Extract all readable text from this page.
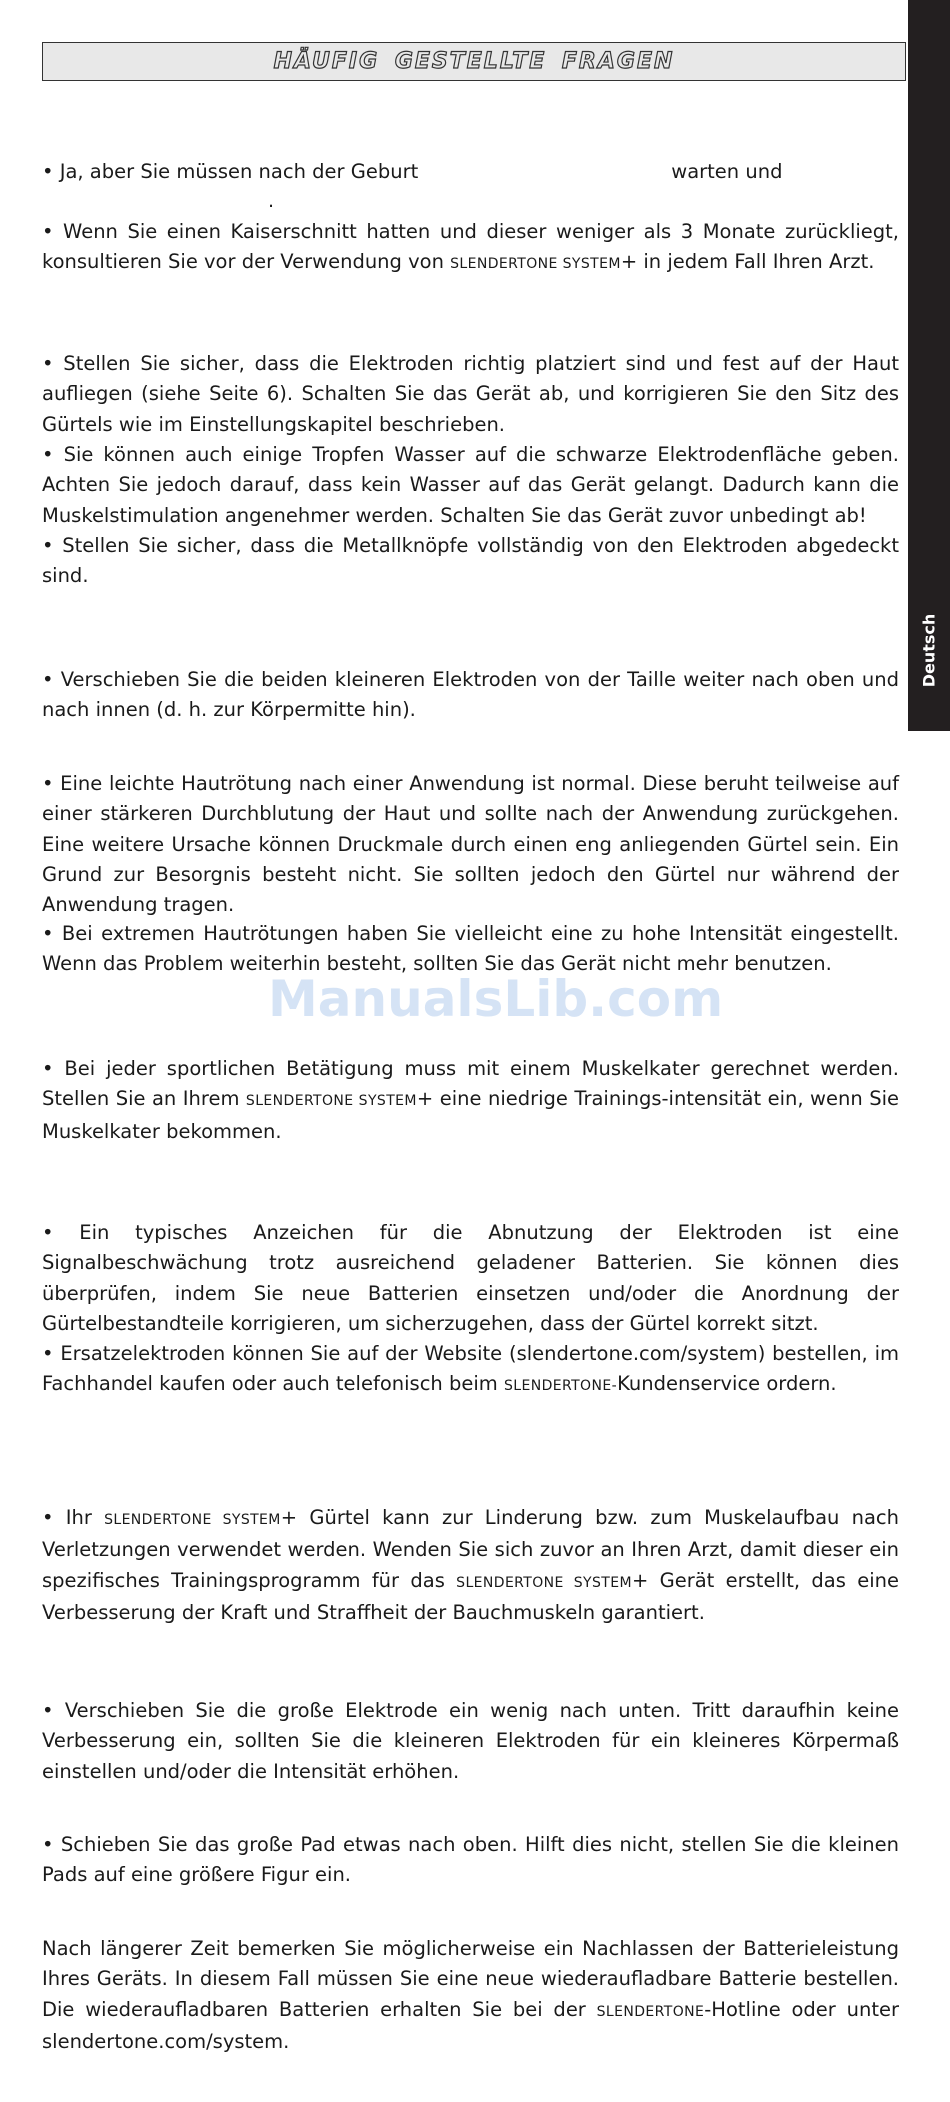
HÄUFIG GESTELLTE FRAGEN
Deutsch
ManualsLib.com

• Ja, aber Sie müssen nach der Geburt	warten und

.

• Wenn Sie einen Kaiserschnitt hatten und dieser weniger als 3 Monate zurückliegt, konsultieren Sie vor der Verwendung von SLENDERTONE SYSTEM+ in jedem Fall Ihren Arzt.

• Stellen Sie sicher, dass die Elektroden richtig platziert sind und fest auf der Haut aufliegen (siehe Seite 6). Schalten Sie das Gerät ab, und korrigieren Sie den Sitz des Gürtels wie im Einstellungskapitel beschrieben.

• Sie können auch einige Tropfen Wasser auf die schwarze Elektrodenfläche geben. Achten Sie jedoch darauf, dass kein Wasser auf das Gerät gelangt. Dadurch kann die Muskelstimulation angenehmer werden. Schalten Sie das Gerät zuvor unbedingt ab!

• Stellen Sie sicher, dass die Metallknöpfe vollständig von den Elektroden abgedeckt sind.

• Verschieben Sie die beiden kleineren Elektroden von der Taille weiter nach oben und nach innen (d. h. zur Körpermitte hin).

• Eine leichte Hautrötung nach einer Anwendung ist normal. Diese beruht teilweise auf einer stärkeren Durchblutung der Haut und sollte nach der Anwendung zurückgehen. Eine weitere Ursache können Druckmale durch einen eng anliegenden Gürtel sein. Ein Grund zur Besorgnis besteht nicht. Sie sollten jedoch den Gürtel nur während der Anwendung tragen.

• Bei extremen Hautrötungen haben Sie vielleicht eine zu hohe Intensität eingestellt. Wenn das Problem weiterhin besteht, sollten Sie das Gerät nicht mehr benutzen.

• Bei jeder sportlichen Betätigung muss mit einem Muskelkater gerechnet werden. Stellen Sie an Ihrem SLENDERTONE SYSTEM+ eine niedrige Trainings-intensität ein, wenn Sie Muskelkater bekommen.

• Ein typisches Anzeichen für die Abnutzung der Elektroden ist eine Signalbeschwächung trotz ausreichend geladener Batterien. Sie können dies überprüfen, indem Sie neue Batterien einsetzen und/oder die Anordnung der Gürtelbestandteile korrigieren, um sicherzugehen, dass der Gürtel korrekt sitzt.

• Ersatzelektroden können Sie auf der Website (slendertone.com/system) bestellen, im Fachhandel kaufen oder auch telefonisch beim SLENDERTONE-Kundenservice ordern.

• Ihr SLENDERTONE SYSTEM+ Gürtel kann zur Linderung bzw. zum Muskelaufbau nach Verletzungen verwendet werden. Wenden Sie sich zuvor an Ihren Arzt, damit dieser ein spezifisches Trainingsprogramm für das SLENDERTONE SYSTEM+ Gerät erstellt, das eine Verbesserung der Kraft und Straffheit der Bauchmuskeln garantiert.

• Verschieben Sie die große Elektrode ein wenig nach unten. Tritt daraufhin keine Verbesserung ein, sollten Sie die kleineren Elektroden für ein kleineres Körpermaß einstellen und/oder die Intensität erhöhen.

• Schieben Sie das große Pad etwas nach oben. Hilft dies nicht, stellen Sie die kleinen Pads auf eine größere Figur ein.

Nach längerer Zeit bemerken Sie möglicherweise ein Nachlassen der Batterieleistung Ihres Geräts. In diesem Fall müssen Sie eine neue wiederaufladbare Batterie bestellen. Die wiederaufladbaren Batterien erhalten Sie bei der SLENDERTONE-Hotline oder unter slendertone.com/system.
